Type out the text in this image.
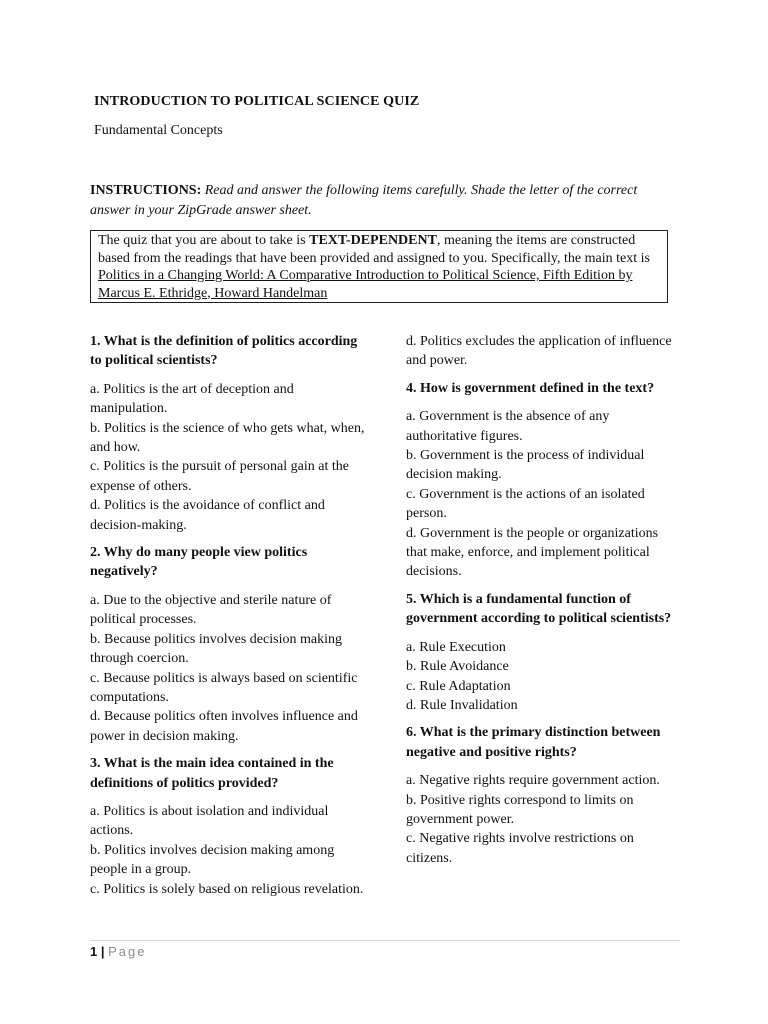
INTRODUCTION TO POLITICAL SCIENCE QUIZ
Fundamental Concepts
INSTRUCTIONS: Read and answer the following items carefully. Shade the letter of the correct answer in your ZipGrade answer sheet.
The quiz that you are about to take is TEXT-DEPENDENT, meaning the items are constructed based from the readings that have been provided and assigned to you. Specifically, the main text is Politics in a Changing World: A Comparative Introduction to Political Science, Fifth Edition by Marcus E. Ethridge, Howard Handelman
1. What is the definition of politics according to political scientists?
a. Politics is the art of deception and manipulation.
b. Politics is the science of who gets what, when, and how.
c. Politics is the pursuit of personal gain at the expense of others.
d. Politics is the avoidance of conflict and decision-making.
2. Why do many people view politics negatively?
a. Due to the objective and sterile nature of political processes.
b. Because politics involves decision making through coercion.
c. Because politics is always based on scientific computations.
d. Because politics often involves influence and power in decision making.
3. What is the main idea contained in the definitions of politics provided?
a. Politics is about isolation and individual actions.
b. Politics involves decision making among people in a group.
c. Politics is solely based on religious revelation.
d. Politics excludes the application of influence and power.
4. How is government defined in the text?
a. Government is the absence of any authoritative figures.
b. Government is the process of individual decision making.
c. Government is the actions of an isolated person.
d. Government is the people or organizations that make, enforce, and implement political decisions.
5. Which is a fundamental function of government according to political scientists?
a. Rule Execution
b. Rule Avoidance
c. Rule Adaptation
d. Rule Invalidation
6. What is the primary distinction between negative and positive rights?
a. Negative rights require government action.
b. Positive rights correspond to limits on government power.
c. Negative rights involve restrictions on citizens.
1 | Page
